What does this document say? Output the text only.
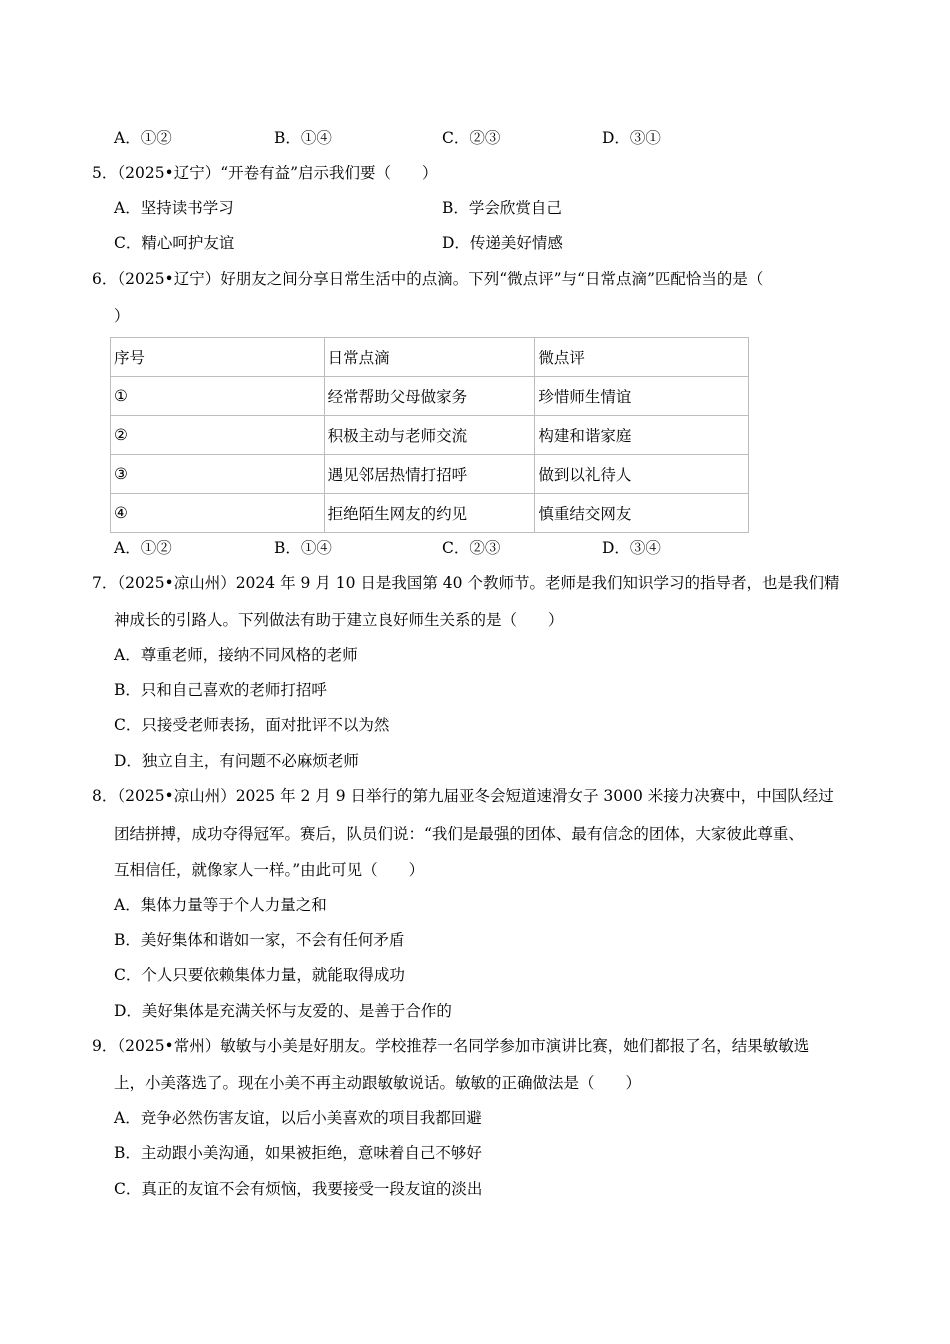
A．①②	B．①④	C．②③	D．③①
5．（2025•辽宁）“开卷有益”启示我们要（　　）
A．坚持读书学习	B．学会欣赏自己
C．精心呵护友谊	D．传递美好情感
6．（2025•辽宁）好朋友之间分享日常生活中的点滴。下列“微点评”与“日常点滴”匹配恰当的是（
）
序号	日常点滴	微点评
①	经常帮助父母做家务	珍惜师生情谊
②	积极主动与老师交流	构建和谐家庭
③	遇见邻居热情打招呼	做到以礼待人
④	拒绝陌生网友的约见	慎重结交网友
A．①②	B．①④	C．②③	D．③④
7．（2025•凉山州）2024 年 9 月 10 日是我国第 40 个教师节。老师是我们知识学习的指导者，也是我们精
神成长的引路人。下列做法有助于建立良好师生关系的是（　　）
A．尊重老师，接纳不同风格的老师
B．只和自己喜欢的老师打招呼
C．只接受老师表扬，面对批评不以为然
D．独立自主，有问题不必麻烦老师
8．（2025•凉山州）2025 年 2 月 9 日举行的第九届亚冬会短道速滑女子 3000 米接力决赛中，中国队经过
团结拼搏，成功夺得冠军。赛后，队员们说：“我们是最强的团体、最有信念的团体，大家彼此尊重、
互相信任，就像家人一样。”由此可见（　　）
A．集体力量等于个人力量之和
B．美好集体和谐如一家，不会有任何矛盾
C．个人只要依赖集体力量，就能取得成功
D．美好集体是充满关怀与友爱的、是善于合作的
9．（2025•常州）敏敏与小美是好朋友。学校推荐一名同学参加市演讲比赛，她们都报了名，结果敏敏选
上，小美落选了。现在小美不再主动跟敏敏说话。敏敏的正确做法是（　　）
A．竞争必然伤害友谊，以后小美喜欢的项目我都回避
B．主动跟小美沟通，如果被拒绝，意味着自己不够好
C．真正的友谊不会有烦恼，我要接受一段友谊的淡出
